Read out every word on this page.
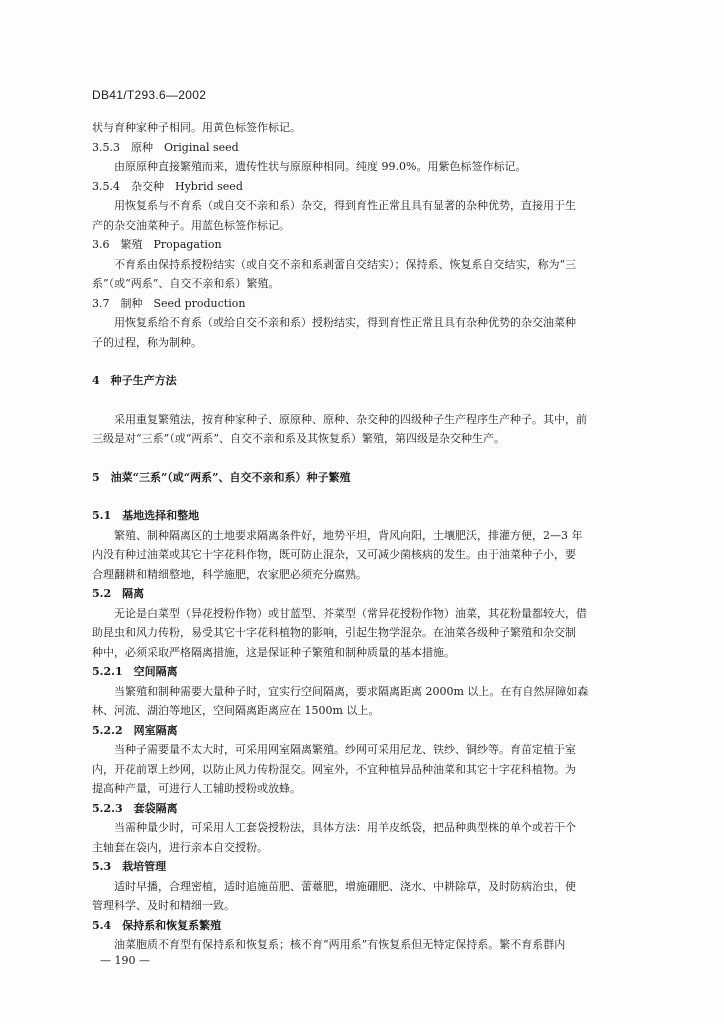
DB41/T293.6—2002
状与育种家种子相同。用黄色标签作标记。
3.5.3　原种　Original seed
由原原种直接繁殖而来，遗传性状与原原种相同。纯度 99.0%。用紫色标签作标记。
3.5.4　杂交种　Hybrid seed
用恢复系与不育系（或自交不亲和系）杂交，得到育性正常且具有显著的杂种优势，直接用于生
产的杂交油菜种子。用蓝色标签作标记。
3.6　繁殖　Propagation
不育系由保持系授粉结实（或自交不亲和系剥蕾自交结实）；保持系、恢复系自交结实，称为“三
系”（或“两系”、自交不亲和系）繁殖。
3.7　制种　Seed production
用恢复系给不育系（或给自交不亲和系）授粉结实，得到育性正常且具有杂种优势的杂交油菜种
子的过程，称为制种。
4　种子生产方法
采用重复繁殖法，按育种家种子、原原种、原种、杂交种的四级种子生产程序生产种子。其中，前
三级是对“三系”（或“两系”、自交不亲和系及其恢复系）繁殖，第四级是杂交种生产。
5　油菜“三系”（或“两系”、自交不亲和系）种子繁殖
5.1　基地选择和整地
繁殖、制种隔离区的土地要求隔离条件好，地势平坦，背风向阳，土壤肥沃，排灌方便，2—3 年
内没有种过油菜或其它十字花科作物，既可防止混杂，又可减少菌核病的发生。由于油菜种子小，要
合理翻耕和精细整地，科学施肥，农家肥必须充分腐熟。
5.2　隔离
无论是白菜型（异花授粉作物）或甘蓝型、芥菜型（常异花授粉作物）油菜，其花粉量都较大，借
助昆虫和风力传粉，易受其它十字花科植物的影响，引起生物学混杂。在油菜各级种子繁殖和杂交制
种中，必须采取严格隔离措施，这是保证种子繁殖和制种质量的基本措施。
5.2.1　空间隔离
当繁殖和制种需要大量种子时，宜实行空间隔离，要求隔离距离 2000m 以上。在有自然屏障如森
林、河流、湖泊等地区，空间隔离距离应在 1500m 以上。
5.2.2　网室隔离
当种子需要量不太大时，可采用网室隔离繁殖。纱网可采用尼龙、铁纱、铜纱等。育苗定植于室
内，开花前罩上纱网，以防止风力传粉混交。网室外，不宜种植异品种油菜和其它十字花科植物。为
提高种产量，可进行人工辅助授粉或放蜂。
5.2.3　套袋隔离
当需种量少时，可采用人工套袋授粉法，具体方法：用羊皮纸袋，把品种典型株的单个或若干个
主轴套在袋内，进行亲本自交授粉。
5.3　栽培管理
适时早播，合理密植，适时追施苗肥、蕾薹肥，增施硼肥、浇水、中耕除草，及时防病治虫，使
管理科学、及时和精细一致。
5.4　保持系和恢复系繁殖
油菜胞质不育型有保持系和恢复系；核不育“两用系”有恢复系但无特定保持系。繁不育系群内
— 190 —
